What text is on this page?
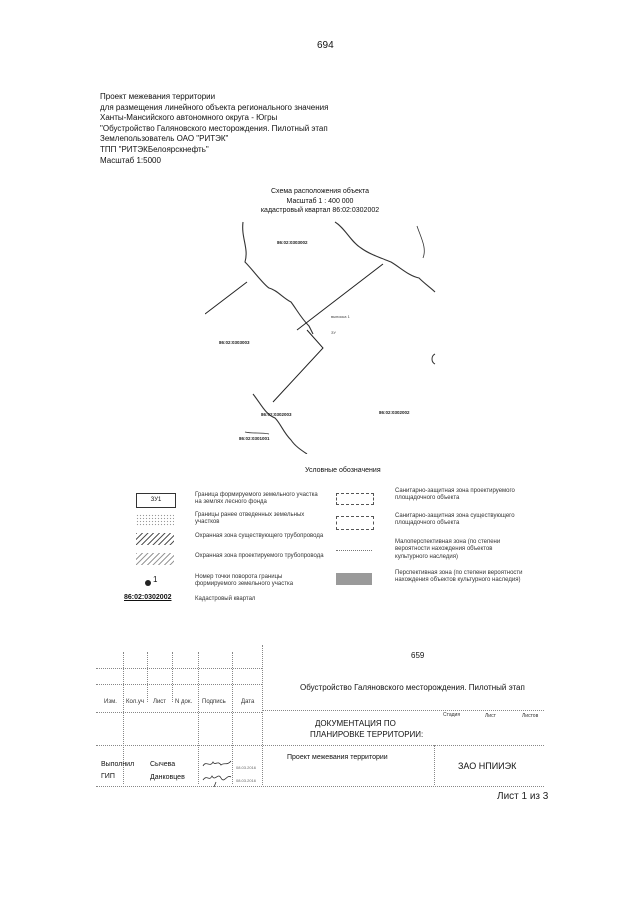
694
Проект межевания территории
для размещения линейного объекта регионального значения
Ханты-Мансийского автономного округа - Югры
"Обустройство Галяновского месторождения. Пилотный этап
Землепользователь ОАО "РИТЭК"
ТПП "РИТЭКБелоярскнефть"
Масштаб 1:5000
Схема расположения объекта
Масштаб 1 : 400 000
кадастровый квартал 86:02:0302002
86:02:0303002
86:02:0303003
86:02:0302003	86:02:0302002
86:02:0301001
выноска 1
ЗУ
Условные обозначения
ЗУ1
1
86:02:0302002
Граница формируемого земельного участка на землях лесного фонда
Границы ранее отведенных земельных участков
Охранная зона существующего трубопровода
Охранная зона проектируемого трубопровода
Номер точки поворота границы формируемого земельного участка
Кадастровый квартал
Санитарно-защитная зона проектируемого площадочного объекта
Санитарно-защитная зона существующего площадочного объекта
Малоперспективная зона (по степени вероятности нахождения объектов культурного наследия)
Перспективная зона (по степени вероятности нахождения объектов культурного наследия)
659
Обустройство Галяновского месторождения. Пилотный этап
Изм. Кол.уч Лист N док. Подпись	Дата
Стадия	Лист	Листов
ДОКУМЕНТАЦИЯ ПО
ПЛАНИРОВКЕ ТЕРРИТОРИИ:
Проект межевания территории
ЗАО НПИИЭК
Выполнил Сычева	08.03.2016
ГИП	Данковцев	08.03.2016
Лист 1 из 3
